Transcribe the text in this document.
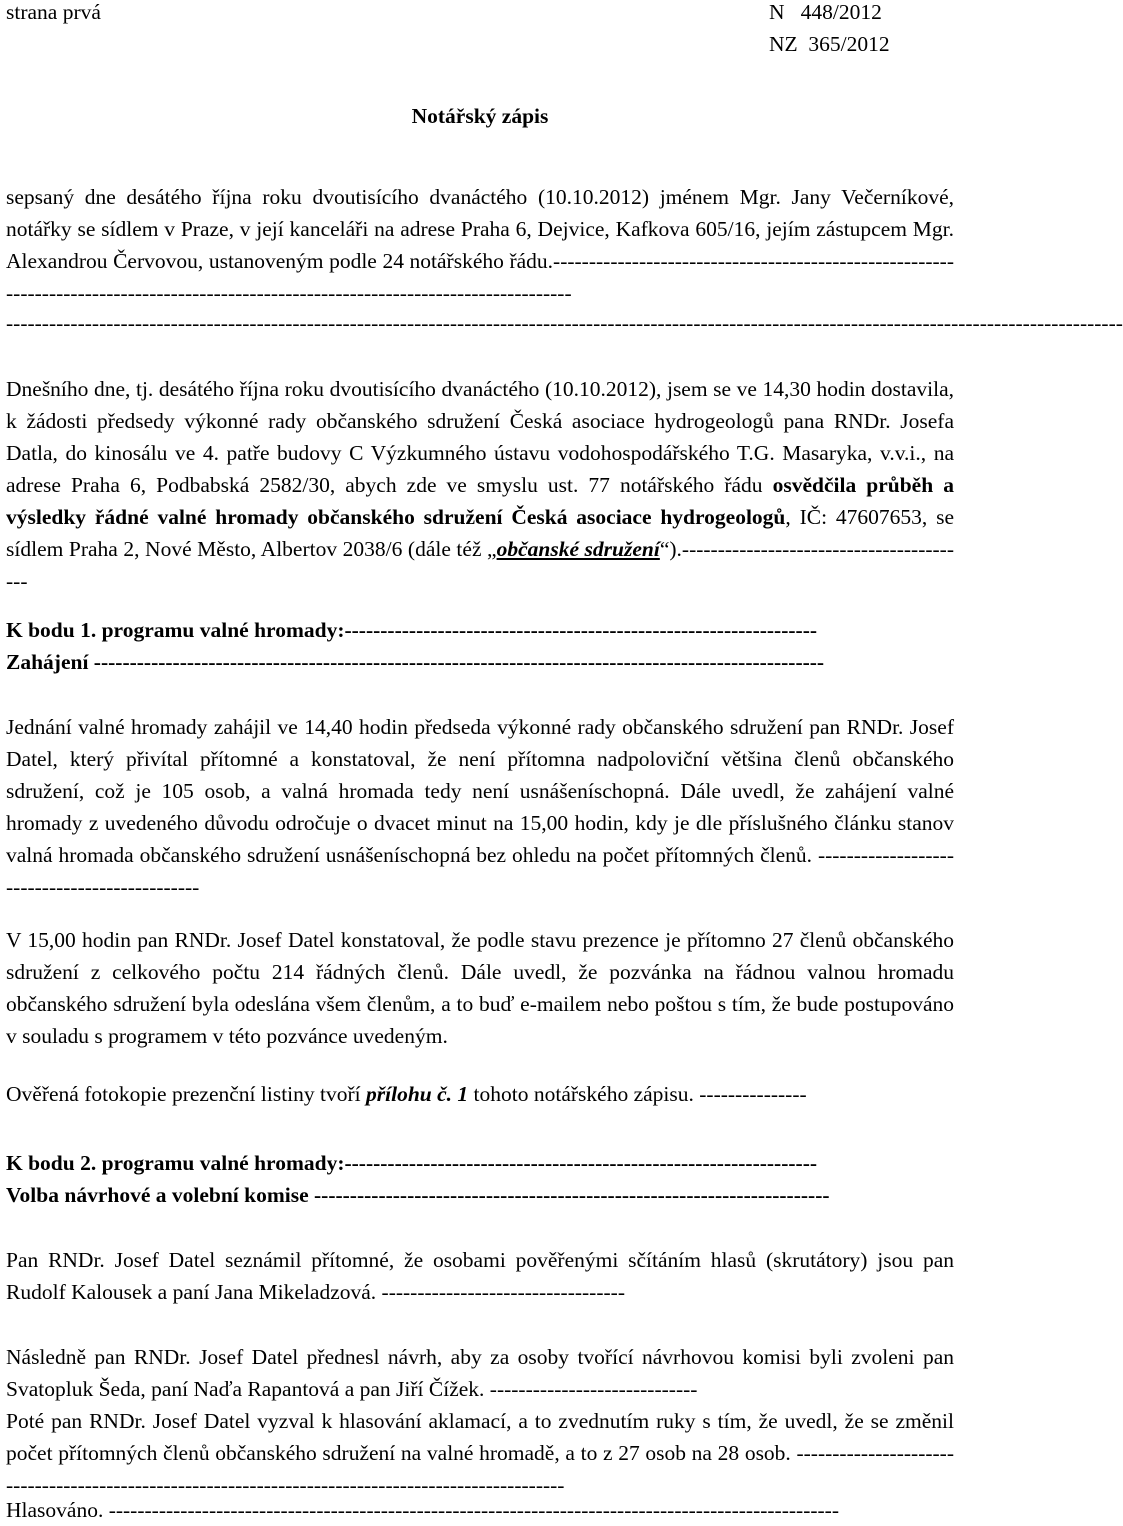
strana prvá	N   448/2012
NZ  365/2012
Notářský zápis
sepsaný dne desátého října roku dvoutisícího dvanáctého (10.10.2012) jménem Mgr. Jany Večerníkové, notářky se sídlem v Praze, v její kanceláři na adrese Praha 6, Dejvice, Kafkova 605/16, jejím zástupcem Mgr. Alexandrou Červovou, ustanoveným podle 24 notářského řádu.---------------------------------------------------------------------------------------------------------------------------------------
------------------------------------------------------------------------------------------------------------------------------------------------------------
Dnešního dne, tj. desátého října roku dvoutisícího dvanáctého (10.10.2012), jsem se ve 14,30 hodin dostavila, k žádosti předsedy výkonné rady občanského sdružení Česká asociace hydrogeologů pana RNDr. Josefa Datla, do kinosálu ve 4. patře budovy C Výzkumného ústavu vodohospodářského T.G. Masaryka, v.v.i., na adrese Praha 6, Podbabská 2582/30, abych zde ve smyslu ust. 77 notářského řádu osvědčila průběh a výsledky řádné valné hromady občanského sdružení Česká asociace hydrogeologů, IČ: 47607653, se sídlem Praha 2, Nové Město, Albertov 2038/6 (dále též „občanské sdružení“).-----------------------------------------
K bodu 1. programu valné hromady:------------------------------------------------------------------
Zahájení ------------------------------------------------------------------------------------------------------
Jednání valné hromady zahájil ve 14,40 hodin předseda výkonné rady občanského sdružení pan RNDr. Josef Datel, který přivítal přítomné a konstatoval, že není přítomna nadpoloviční většina členů občanského sdružení, což je 105 osob, a valná hromada tedy není usnášeníschopná. Dále uvedl, že zahájení valné hromady z uvedeného důvodu odročuje o dvacet minut na 15,00 hodin, kdy je dle příslušného článku stanov valná hromada občanského sdružení usnášeníschopná bez ohledu na počet přítomných členů. ----------------------------------------------
V 15,00 hodin pan RNDr. Josef Datel konstatoval, že podle stavu prezence je přítomno 27 členů občanského sdružení z celkového počtu 214 řádných členů. Dále uvedl, že pozvánka na řádnou valnou hromadu občanského sdružení byla odeslána všem členům, a to buď e-mailem nebo poštou s tím, že bude postupováno v souladu s programem v této pozvánce uvedeným.
Ověřená fotokopie prezenční listiny tvoří přílohu č. 1 tohoto notářského zápisu. ---------------
K bodu 2. programu valné hromady:------------------------------------------------------------------
Volba návrhové a volební komise ------------------------------------------------------------------------
Pan RNDr. Josef Datel seznámil přítomné, že osobami pověřenými sčítáním hlasů (skrutátory) jsou pan Rudolf Kalousek a paní Jana Mikeladzová. ----------------------------------
Následně pan RNDr. Josef Datel přednesl návrh, aby za osoby tvořící návrhovou komisi byli zvoleni pan Svatopluk Šeda, paní Naďa Rapantová a pan Jiří Čížek. -----------------------------
Poté pan RNDr. Josef Datel vyzval k hlasování aklamací, a to zvednutím ruky s tím, že uvedl, že se změnil počet přítomných členů občanského sdružení na valné hromadě, a to z 27 osob na 28 osob. ----------------------------------------------------------------------------------------------------
Hlasováno. ------------------------------------------------------------------------------------------------------
